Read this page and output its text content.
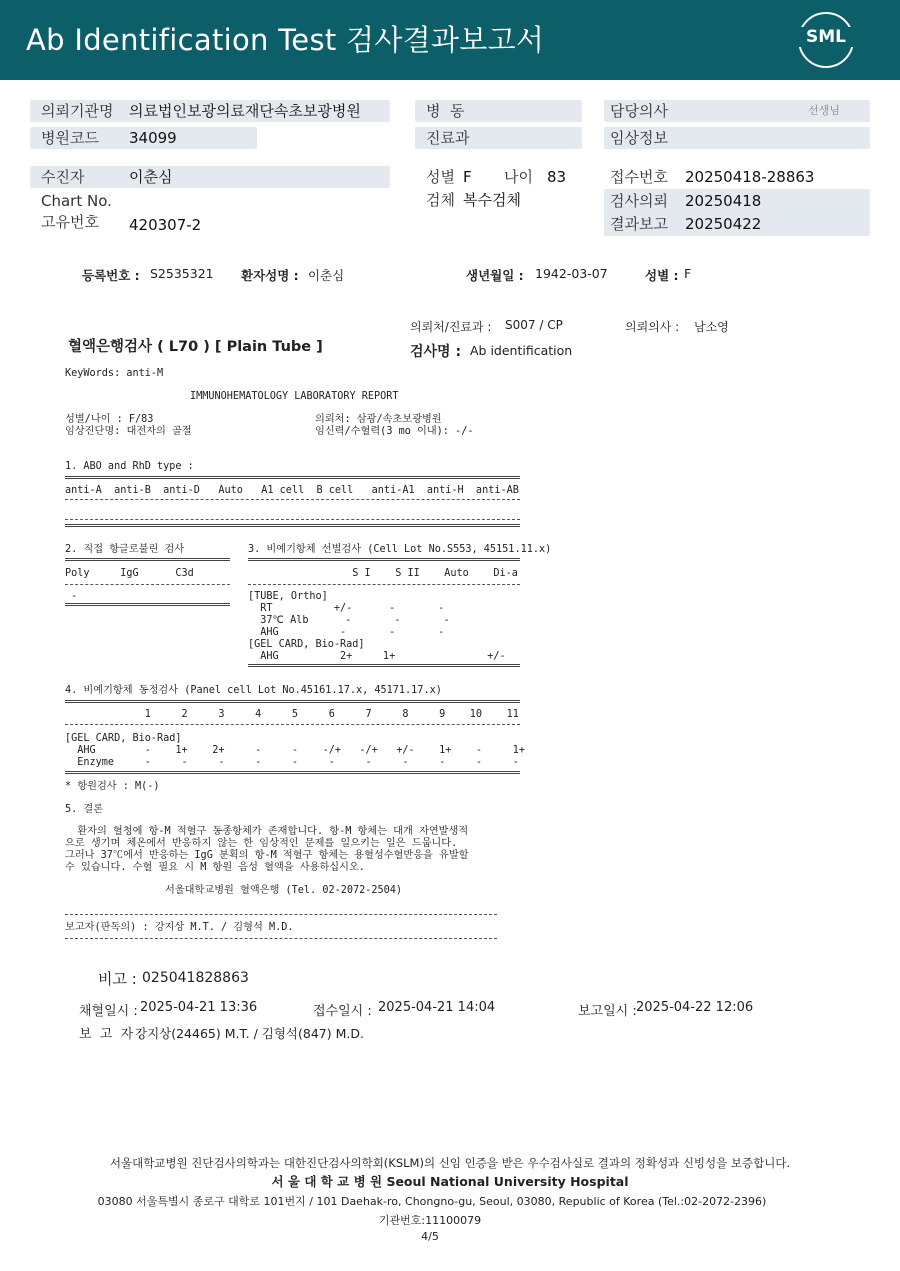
Ab Identification Test 검사결과보고서	SML
의뢰기관명 의료법인보광의료재단속초보광병원
병원코드 34099
병  동
진료과
담당의사	선생님
임상정보
수진자	이춘심
Chart No.
고유번호 420307-2
성별 F 나이 83
검체 복수검체
접수번호 20250418-28863
검사의뢰 20250418
결과보고 20250422
등록번호 : S2535321 환자성명 : 이춘심	생년월일 : 1942-03-07	성별 : F
의뢰처/진료과 : S007 / CP	의뢰의사 : 남소영
혈액은행검사 ( L70 ) [ Plain Tube ]	검사명 : Ab identification
KeyWords: anti-M
IMMUNOHEMATOLOGY LABORATORY REPORT
성별/나이 : F/83
임상진단명: 대전자의 골절
의뢰처: 삼광/속초보광병원
임신력/수혈력(3 mo 이내): -/-
1. ABO and RhD type :
anti-A  anti-B  anti-D   Auto   A1 cell  B cell   anti-A1  anti-H  anti-AB
2. 직접 항글로불린 검사
Poly     IgG      C3d
-
3. 비예기항체 선별검사 (Cell Lot No.S553, 45151.11.x)
S I    S II    Auto    Di-a
[TUBE, Ortho]
RT          +/-      -       -
37℃ Alb      -       -       -
AHG          -       -       -
[GEL CARD, Bio-Rad]
AHG          2+     1+               +/-
4. 비예기항체 동정검사 (Panel cell Lot No.45161.17.x, 45171.17.x)
1     2     3     4     5     6     7     8     9    10    11
[GEL CARD, Bio-Rad]
AHG        -    1+    2+     -     -    -/+   -/+   +/-    1+    -     1+
Enzyme     -     -     -     -     -     -     -     -     -     -     -
* 항원검사 : M(-)
5. 결론
환자의 혈청에 항-M 적혈구 동종항체가 존재합니다. 항-M 항체는 대개 자연발생적
으로 생기며 체온에서 반응하지 않는 한 임상적인 문제를 일으키는 일은 드뭅니다.
그러나 37℃에서 반응하는 IgG 분획의 항-M 적혈구 항체는 용혈성수혈반응을 유발할
수 있습니다. 수혈 필요 시 M 항원 음성 혈액을 사용하십시오.
서울대학교병원 혈액은행 (Tel. 02-2072-2504)
보고자(판독의) : 강지상 M.T. / 김형석 M.D.
비고 : 025041828863
채혈일시 : 2025-04-21 13:36	접수일시 : 2025-04-21 14:04	보고일시 : 2025-04-22 12:06
보  고  자 :
강지상(24465) M.T. / 김형석(847) M.D.
서울대학교병원 진단검사의학과는 대한진단검사의학회(KSLM)의 신임 인증을 받은 우수검사실로 결과의 정확성과 신빙성을 보증합니다.
서 울 대 학 교 병 원 Seoul National University Hospital
03080 서울특별시 종로구 대학로 101번지 / 101 Daehak-ro, Chongno-gu, Seoul, 03080, Republic of Korea (Tel.:02-2072-2396)
기관번호:11100079
4/5
